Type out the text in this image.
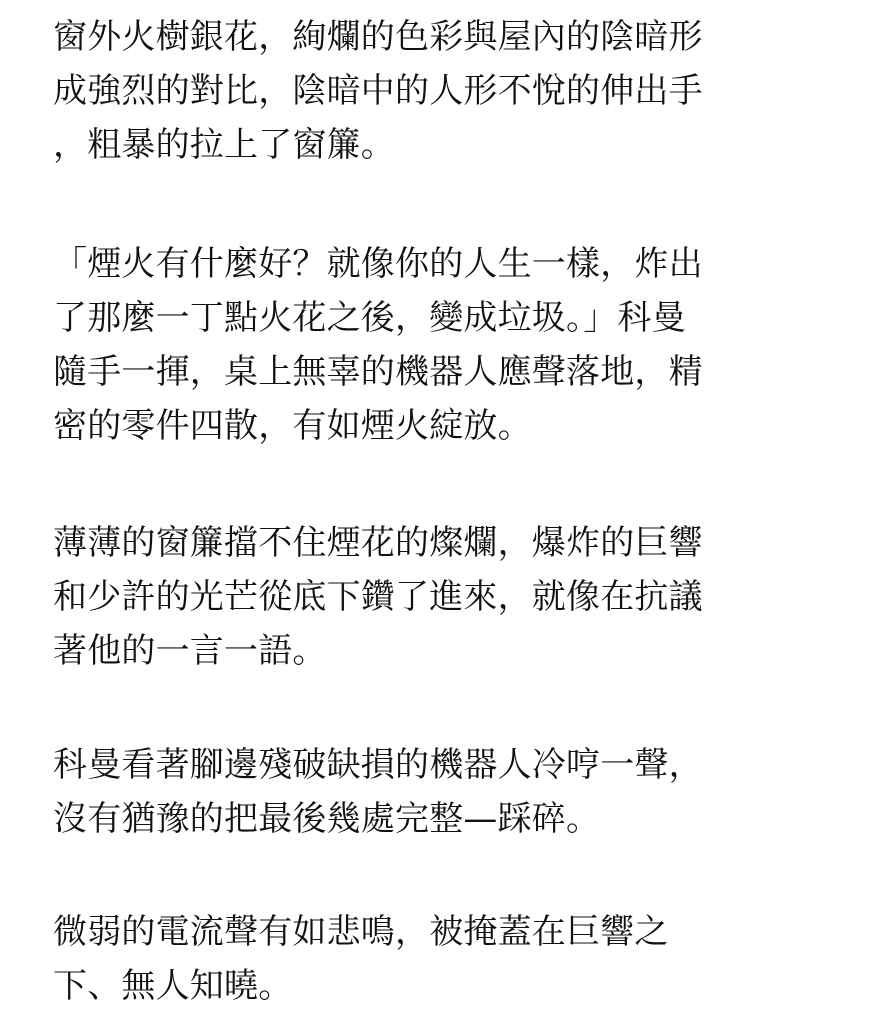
窗外火樹銀花，絢爛的色彩與屋內的陰暗形
成強烈的對比，陰暗中的人形不悅的伸出手
，粗暴的拉上了窗簾。
「煙火有什麼好？就像你的人生一樣，炸出
了那麼一丁點火花之後，變成垃圾。」科曼
隨手一揮，桌上無辜的機器人應聲落地，精
密的零件四散，有如煙火綻放。
薄薄的窗簾擋不住煙花的燦爛，爆炸的巨響
和少許的光芒從底下鑽了進來，就像在抗議
著他的一言一語。
科曼看著腳邊殘破缺損的機器人冷哼一聲，
沒有猶豫的把最後幾處完整—踩碎。
微弱的電流聲有如悲鳴，被掩蓋在巨響之
下、無人知曉。
